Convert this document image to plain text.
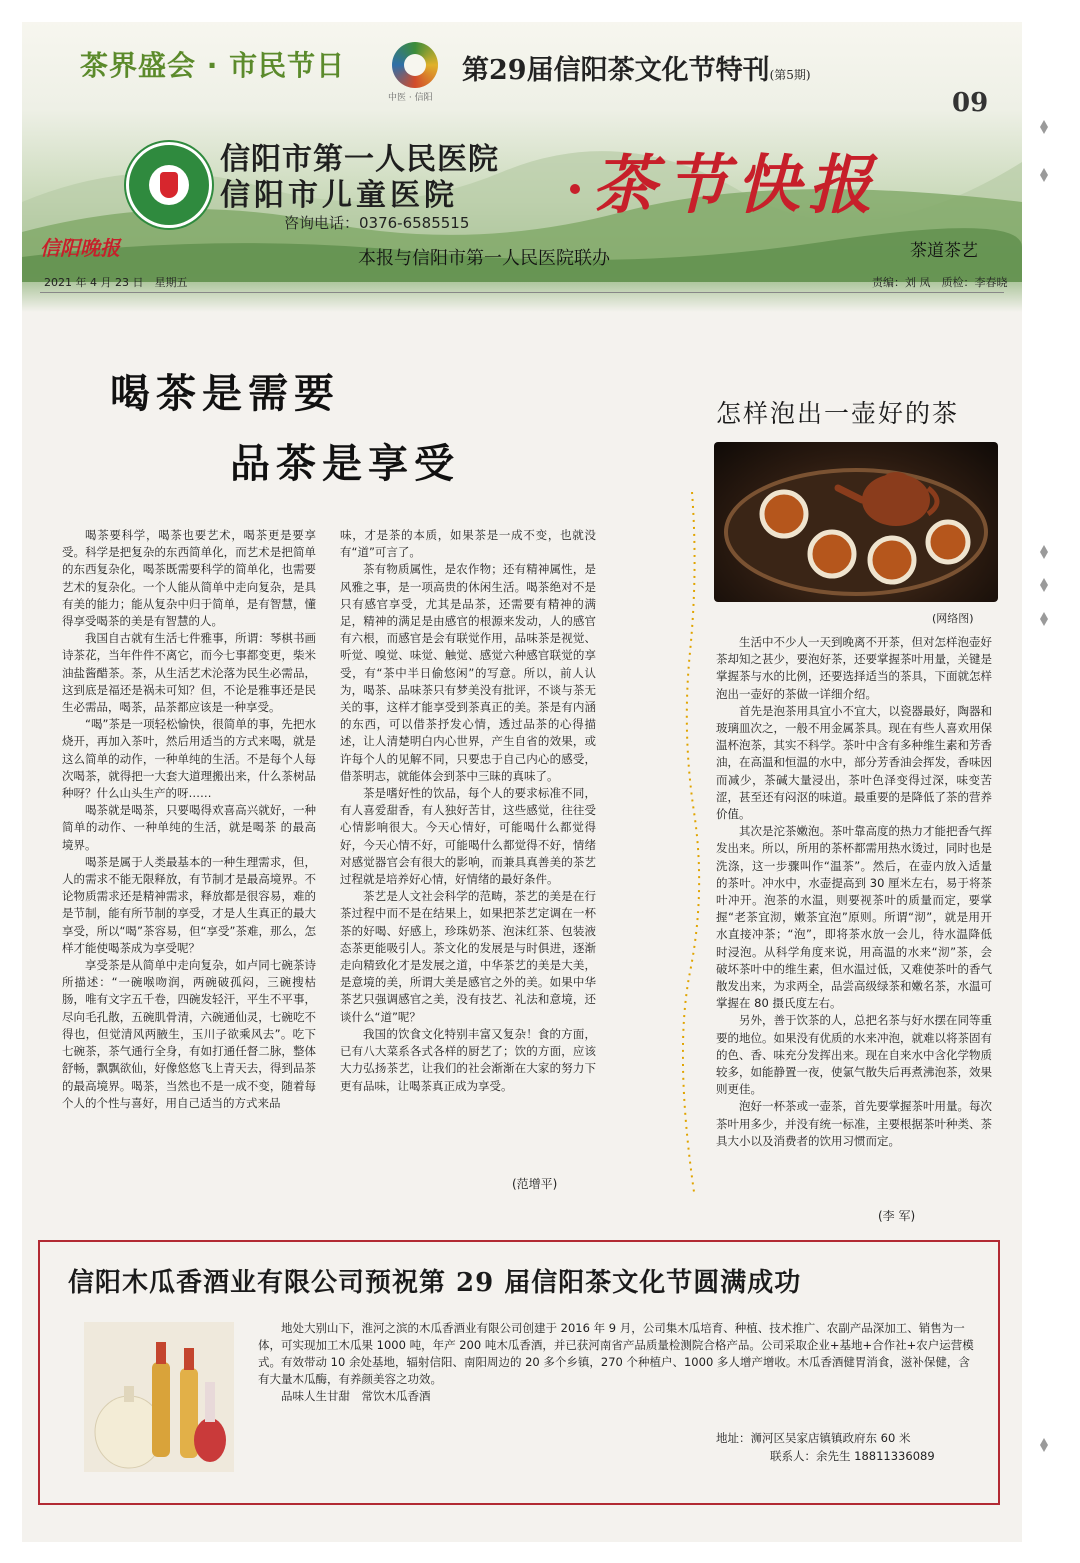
茶界盛会 · 市民节日
中医 · 信阳
第29届信阳茶文化节特刊(第5期)
09
信阳市第一人民医院
信阳市儿童医院 茶节快报
咨询电话：0376-6585515
信阳晚报	本报与信阳市第一人民医院联办	茶道茶艺
2021 年 4 月 23 日　星期五	责编：刘 凤　质检：李春晓
喝茶是需要
品茶是享受

喝茶要科学，喝茶也要艺术，喝茶更是要享受。科学是把复杂的东西简单化，而艺术是把简单的东西复杂化，喝茶既需要科学的简单化，也需要艺术的复杂化。一个人能从简单中走向复杂，是具有美的能力；能从复杂中归于简单，是有智慧，懂得享受喝茶的美是有智慧的人。

我国自古就有生活七件雅事，所谓：琴棋书画诗茶花，当年件件不离它，而今七事都变更，柴米油盐酱醋茶。茶，从生活艺术沦落为民生必需品，这到底是福还是祸未可知？但，不论是雅事还是民生必需品，喝茶，品茶都应该是一种享受。

“喝”茶是一项轻松愉快，很简单的事，先把水烧开，再加入茶叶，然后用适当的方式来喝，就是这么简单的动作，一种单纯的生活。不是每个人每次喝茶，就得把一大套大道理搬出来，什么茶树品种呀？什么山头生产的呀……

喝茶就是喝茶，只要喝得欢喜高兴就好，一种简单的动作、一种单纯的生活，就是喝茶 的最高境界。

喝茶是属于人类最基本的一种生理需求，但，人的需求不能无限释放，有节制才是最高境界。不论物质需求还是精神需求，释放都是很容易，难的是节制，能有所节制的享受，才是人生真正的最大享受，所以“喝”茶容易，但“享受”茶难，那么，怎样才能使喝茶成为享受呢？

享受茶是从简单中走向复杂，如卢同七碗茶诗所描述：“一碗喉吻润，两碗破孤闷，三碗搜枯肠，唯有文字五千卷，四碗发轻汗，平生不平事，尽向毛孔散，五碗肌骨清，六碗通仙灵，七碗吃不得也，但觉清风两腋生，玉川子欲乘风去”。吃下七碗茶，茶气通行全身，有如打通任督二脉，整体舒畅，飘飘欲仙，好像悠悠飞上青天去，得到品茶的最高境界。喝茶，当然也不是一成不变，随着每个人的个性与喜好，用自己适当的方式来品

味，才是茶的本质，如果茶是一成不变，也就没有“道”可言了。

茶有物质属性，是农作物；还有精神属性，是风雅之事，是一项高贵的休闲生活。喝茶绝对不是只有感官享受，尤其是品茶，还需要有精神的满足，精神的满足是由感官的根源来发动，人的感官有六根，而感官是会有联觉作用，品味茶是视觉、听觉、嗅觉、味觉、触觉、感觉六种感官联觉的享受，有“茶中半日偷悠闲”的写意。所以，前人认为，喝茶、品味茶只有梦美没有批评，不谈与茶无关的事，这样才能享受到茶真正的美。茶是有内涵的东西，可以借茶抒发心情，透过品茶的心得描述，让人清楚明白内心世界，产生自省的效果，或许每个人的见解不同，只要忠于自己内心的感受，借茶明志，就能体会到茶中三昧的真味了。

茶是嗜好性的饮品，每个人的要求标准不同，有人喜爱甜香，有人独好苦甘，这些感觉，往往受心情影响很大。今天心情好，可能喝什么都觉得好，今天心情不好，可能喝什么都觉得不好，情绪对感觉器官会有很大的影响，而兼具真善美的茶艺过程就是培养好心情，好情绪的最好条件。

茶艺是人文社会科学的范畴，茶艺的美是在行茶过程中而不是在结果上，如果把茶艺定调在一杯茶的好喝、好感上，珍珠奶茶、泡沫红茶、包装液态茶更能吸引人。茶文化的发展是与时俱进，逐渐走向精致化才是发展之道，中华茶艺的美是大美，是意境的美，所谓大美是感官之外的美。如果中华茶艺只强调感官之美，没有技艺、礼法和意境，还谈什么“道”呢？

我国的饮食文化特别丰富又复杂！食的方面，已有八大菜系各式各样的厨艺了；饮的方面，应该大力弘扬茶艺，让我们的社会渐渐在大家的努力下更有品味，让喝茶真正成为享受。

(范增平)
怎样泡出一壶好的茶
(网络图)

生活中不少人一天到晚离不开茶，但对怎样泡壶好茶却知之甚少，要泡好茶，还要掌握茶叶用量，关键是掌握茶与水的比例，还要选择适当的茶具，下面就怎样泡出一壶好的茶做一详细介绍。

首先是泡茶用具宜小不宜大，以瓷器最好，陶器和玻璃皿次之，一般不用金属茶具。现在有些人喜欢用保温杯泡茶，其实不科学。茶叶中含有多种维生素和芳香油，在高温和恒温的水中，部分芳香油会挥发，香味因而减少，茶碱大量浸出，茶叶色泽变得过深，味变苦涩，甚至还有闷沤的味道。最重要的是降低了茶的营养价值。

其次是沱茶嫩泡。茶叶靠高度的热力才能把香气挥发出来。所以，所用的茶杯都需用热水烫过，同时也是洗涤，这一步骤叫作“温茶”。然后，在壶内放入适量的茶叶。冲水中，水壶提高到 30 厘米左右，易于将茶叶冲开。泡茶的水温，则要视茶叶的质量而定，要掌握“老茶宜沏，嫩茶宜泡”原则。所谓“沏”，就是用开水直接冲茶；“泡”，即将茶水放一会儿，待水温降低时浸泡。从科学角度来说，用高温的水来“沏”茶，会破坏茶叶中的维生素，但水温过低，又难使茶叶的香气散发出来，为求两全，品尝高级绿茶和嫩名茶，水温可掌握在 80 摄氏度左右。

另外，善于饮茶的人，总把名茶与好水摆在同等重要的地位。如果没有优质的水来冲泡，就难以将茶固有的色、香、味充分发挥出来。现在自来水中含化学物质较多，如能静置一夜，使氯气散失后再煮沸泡茶，效果则更佳。

泡好一杯茶或一壶茶，首先要掌握茶叶用量。每次茶叶用多少，并没有统一标准，主要根据茶叶种类、茶具大小以及消费者的饮用习惯而定。

(李 军)
信阳木瓜香酒业有限公司预祝第 29 届信阳茶文化节圆满成功

地处大别山下，淮河之滨的木瓜香酒业有限公司创建于 2016 年 9 月，公司集木瓜培育、种植、技术推广、农副产品深加工、销售为一体，可实现加工木瓜果 1000 吨，年产 200 吨木瓜香酒，并已获河南省产品质量检测院合格产品。公司采取企业+基地+合作社+农户运营模式。有效带动 10 余处基地，辐射信阳、南阳周边的 20 多个乡镇，270 个种植户、1000 多人增产增收。木瓜香酒健胃消食，滋补保健，含有大量木瓜酶，有养颜美容之功效。

品味人生甘甜　常饮木瓜香酒

地址：浉河区吴家店镇镇政府东 60 米
联系人：余先生 18811336089
